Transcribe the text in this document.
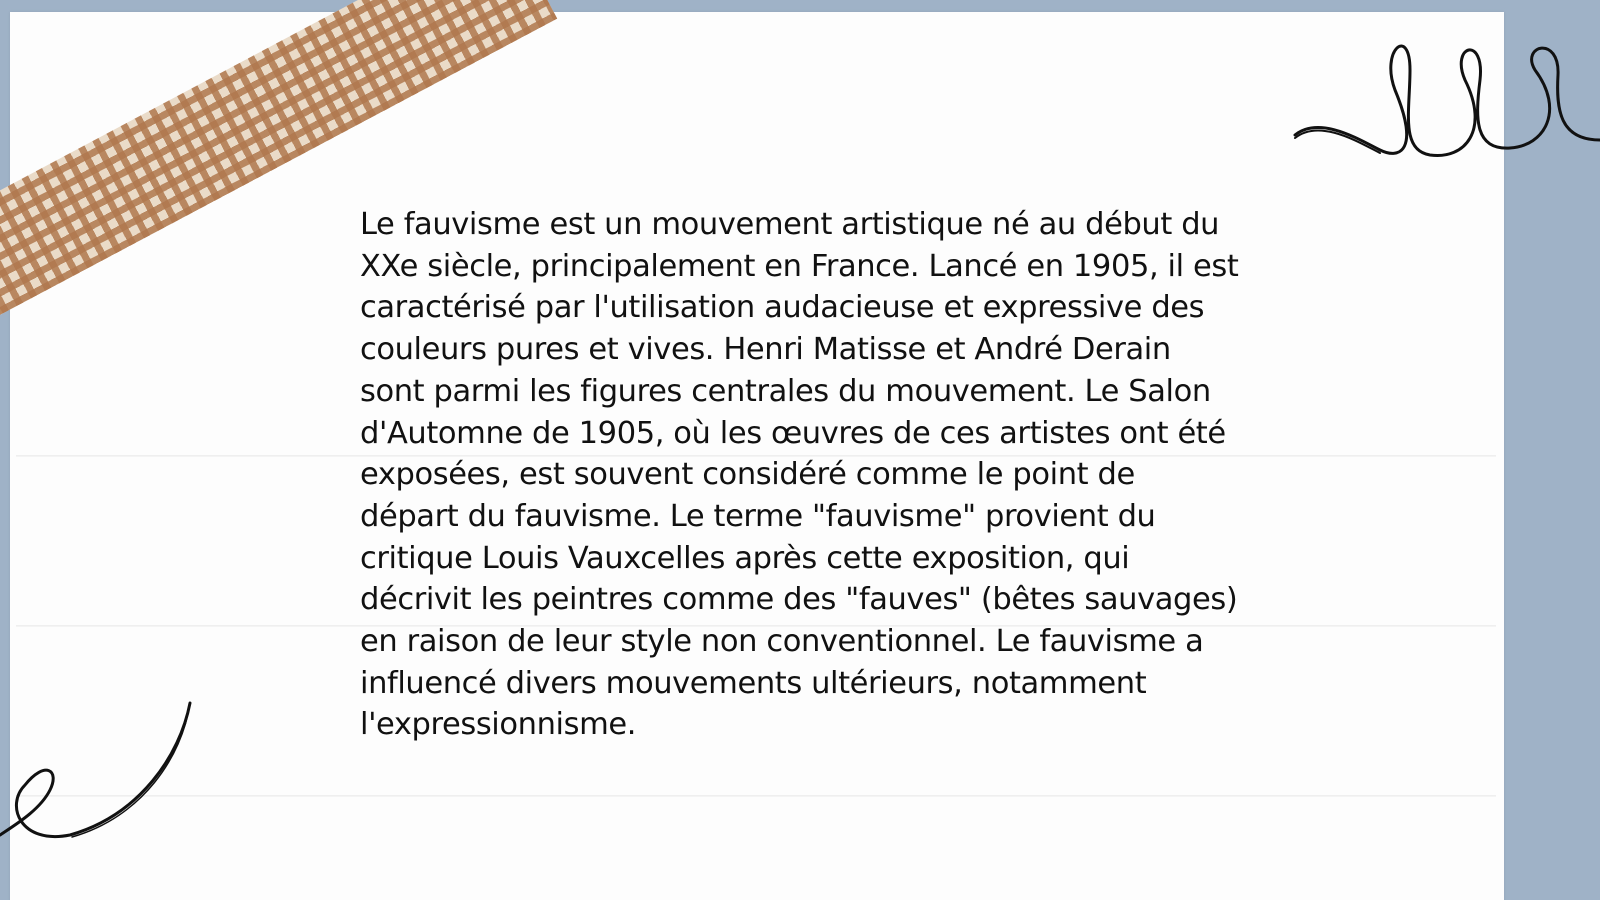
Le fauvisme est un mouvement artistique né au début du XXe siècle, principalement en France. Lancé en 1905, il est caractérisé par l'utilisation audacieuse et expressive des couleurs pures et vives. Henri Matisse et André Derain sont parmi les figures centrales du mouvement. Le Salon d'Automne de 1905, où les œuvres de ces artistes ont été exposées, est souvent considéré comme le point de départ du fauvisme. Le terme "fauvisme" provient du critique Louis Vauxcelles après cette exposition, qui décrivit les peintres comme des "fauves" (bêtes sauvages) en raison de leur style non conventionnel. Le fauvisme a influencé divers mouvements ultérieurs, notamment l'expressionnisme.
